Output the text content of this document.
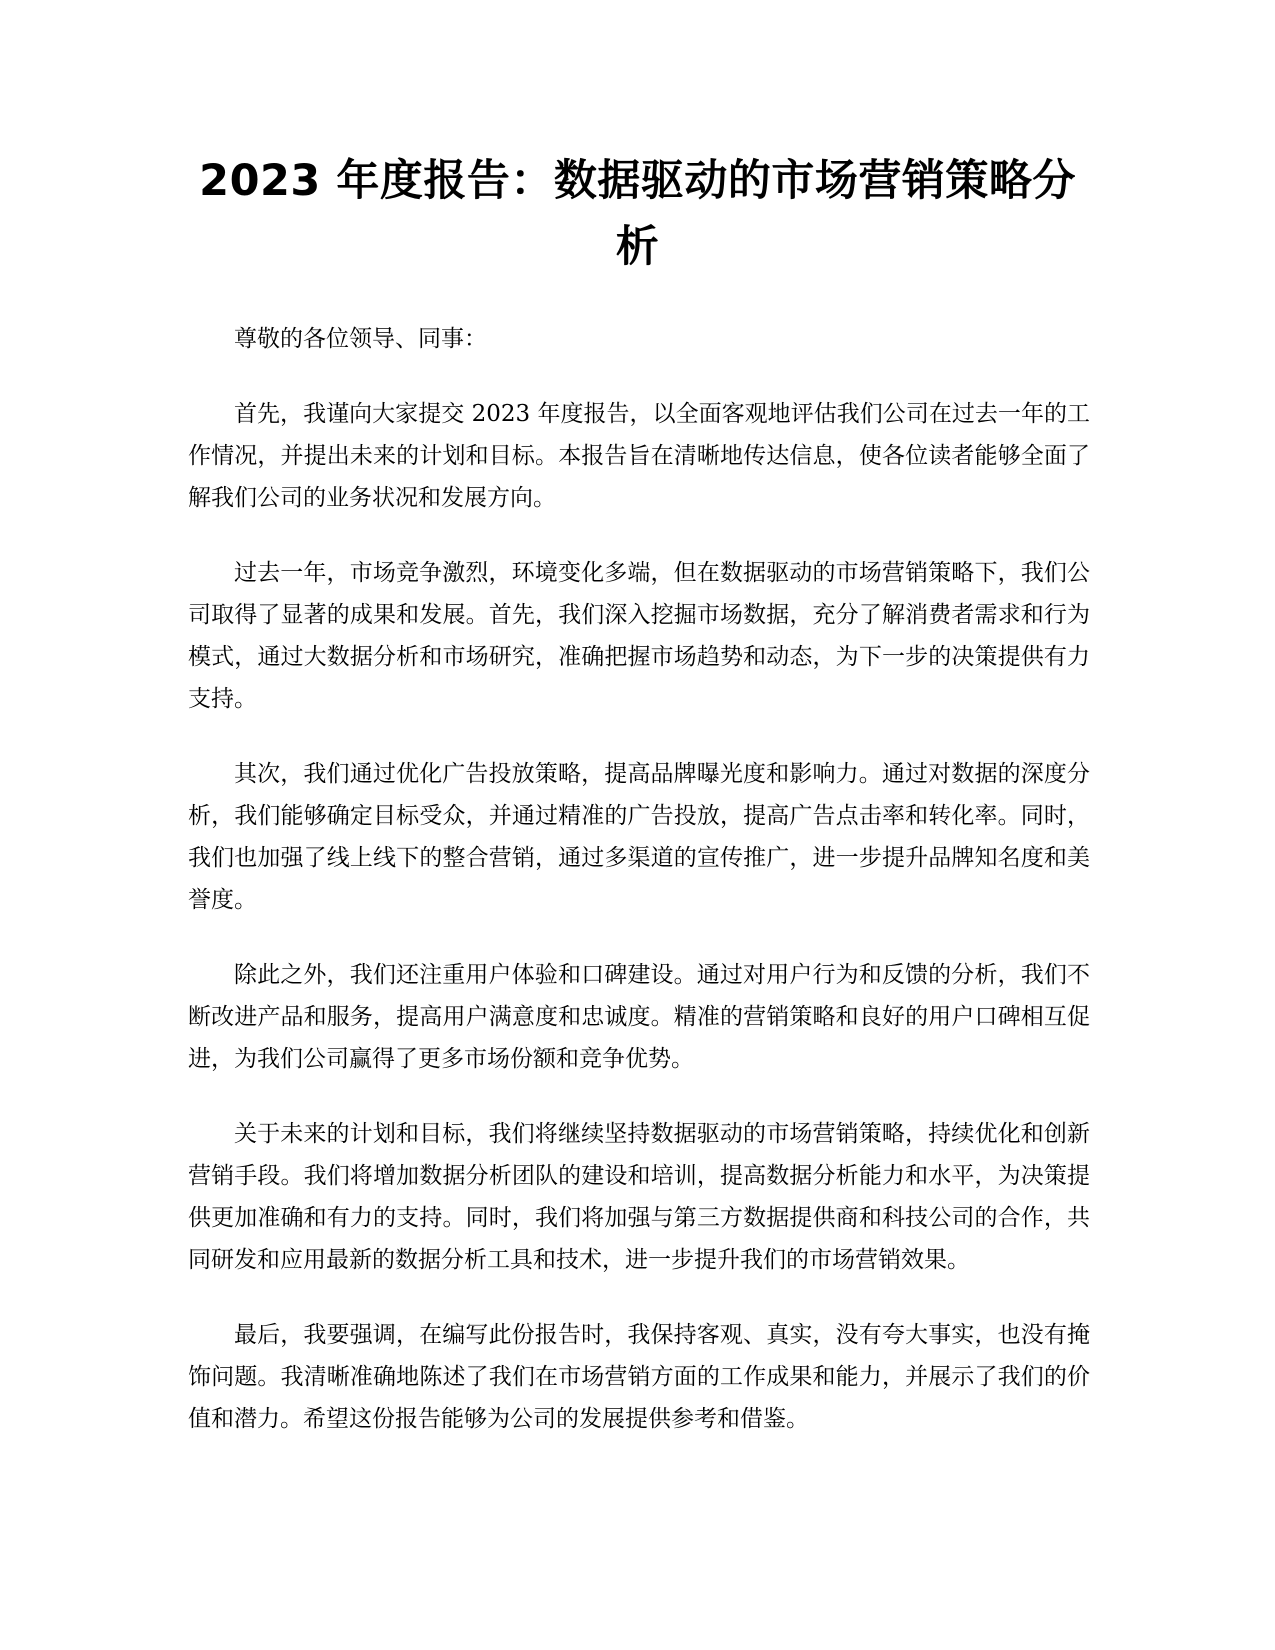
2023 年度报告：数据驱动的市场营销策略分析

尊敬的各位领导、同事：

首先，我谨向大家提交 2023 年度报告，以全面客观地评估我们公司在过去一年的工作情况，并提出未来的计划和目标。本报告旨在清晰地传达信息，使各位读者能够全面了解我们公司的业务状况和发展方向。

过去一年，市场竞争激烈，环境变化多端，但在数据驱动的市场营销策略下，我们公司取得了显著的成果和发展。首先，我们深入挖掘市场数据，充分了解消费者需求和行为模式，通过大数据分析和市场研究，准确把握市场趋势和动态，为下一步的决策提供有力支持。

其次，我们通过优化广告投放策略，提高品牌曝光度和影响力。通过对数据的深度分析，我们能够确定目标受众，并通过精准的广告投放，提高广告点击率和转化率。同时，我们也加强了线上线下的整合营销，通过多渠道的宣传推广，进一步提升品牌知名度和美誉度。

除此之外，我们还注重用户体验和口碑建设。通过对用户行为和反馈的分析，我们不断改进产品和服务，提高用户满意度和忠诚度。精准的营销策略和良好的用户口碑相互促进，为我们公司赢得了更多市场份额和竞争优势。

关于未来的计划和目标，我们将继续坚持数据驱动的市场营销策略，持续优化和创新营销手段。我们将增加数据分析团队的建设和培训，提高数据分析能力和水平，为决策提供更加准确和有力的支持。同时，我们将加强与第三方数据提供商和科技公司的合作，共同研发和应用最新的数据分析工具和技术，进一步提升我们的市场营销效果。

最后，我要强调，在编写此份报告时，我保持客观、真实，没有夸大事实，也没有掩饰问题。我清晰准确地陈述了我们在市场营销方面的工作成果和能力，并展示了我们的价值和潜力。希望这份报告能够为公司的发展提供参考和借鉴。
